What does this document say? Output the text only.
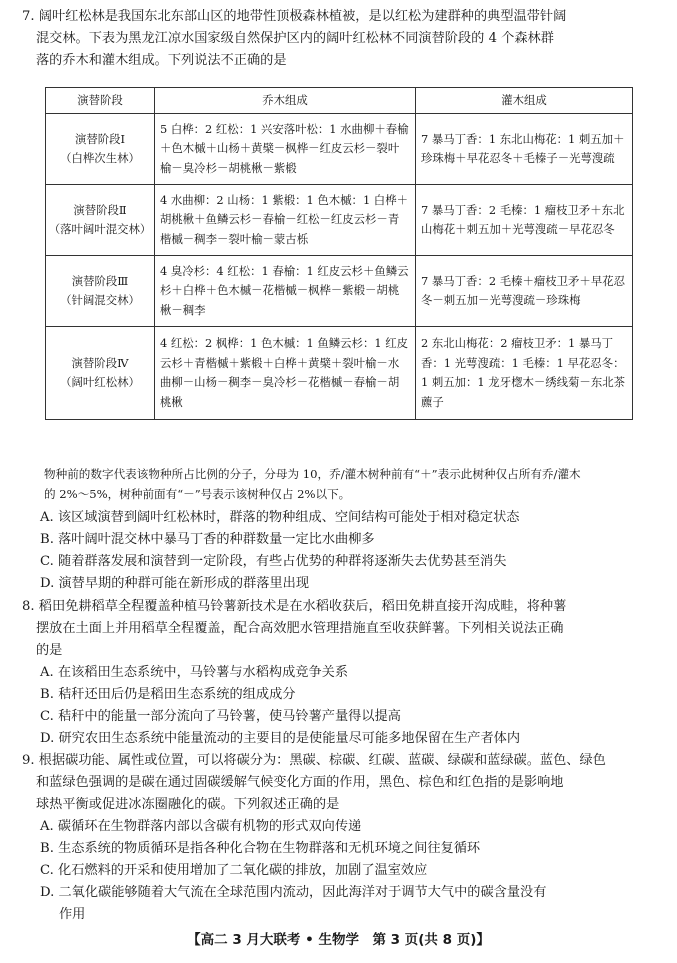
7. 阔叶红松林是我国东北东部山区的地带性顶极森林植被，是以红松为建群种的典型温带针阔
混交林。下表为黑龙江凉水国家级自然保护区内的阔叶红松林不同演替阶段的 4 个森林群
落的乔木和灌木组成。下列说法不正确的是

演替阶段	乔木组成	灌木组成

演替阶段Ⅰ
（白桦次生林）	5 白桦：2 红松：1 兴安落叶松：1 水曲柳＋春榆＋色木槭＋山杨＋黄檗－枫桦－红皮云杉－裂叶榆－臭冷杉－胡桃楸－紫椴	7 暴马丁香：1 东北山梅花：1 刺五加＋珍珠梅＋早花忍冬＋毛榛子－光萼溲疏

演替阶段Ⅱ
（落叶阔叶混交林）	4 水曲柳：2 山杨：1 紫椴：1 色木槭：1 白桦＋胡桃楸＋鱼鳞云杉－春榆－红松－红皮云杉－青楷槭－稠李－裂叶榆－蒙古栎	7 暴马丁香：2 毛榛：1 瘤枝卫矛＋东北山梅花＋刺五加＋光萼溲疏－早花忍冬

演替阶段Ⅲ
（针阔混交林）	4 臭冷杉：4 红松：1 春榆：1 红皮云杉＋鱼鳞云杉＋白桦＋色木槭－花楷槭－枫桦－紫椴－胡桃楸－稠李	7 暴马丁香：2 毛榛＋瘤枝卫矛＋早花忍冬－刺五加－光萼溲疏－珍珠梅

演替阶段Ⅳ
（阔叶红松林）	4 红松：2 枫桦：1 色木槭：1 鱼鳞云杉：1 红皮云杉＋青楷槭＋紫椴＋白桦＋黄檗＋裂叶榆－水曲柳－山杨－稠李－臭冷杉－花楷槭－春榆－胡桃楸	2 东北山梅花：2 瘤枝卫矛：1 暴马丁香：1 光萼溲疏：1 毛榛：1 早花忍冬：1 刺五加：1 龙牙楤木－绣线菊－东北茶藨子

物种前的数字代表该物种所占比例的分子，分母为 10，乔/灌木树种前有“＋”表示此树种仅占所有乔/灌木
的 2%～5%，树种前面有“－”号表示该树种仅占 2%以下。

A. 该区域演替到阔叶红松林时，群落的物种组成、空间结构可能处于相对稳定状态

B. 落叶阔叶混交林中暴马丁香的种群数量一定比水曲柳多

C. 随着群落发展和演替到一定阶段，有些占优势的种群将逐渐失去优势甚至消失

D. 演替早期的种群可能在新形成的群落里出现

8. 稻田免耕稻草全程覆盖种植马铃薯新技术是在水稻收获后，稻田免耕直接开沟成畦，将种薯
摆放在土面上并用稻草全程覆盖，配合高效肥水管理措施直至收获鲜薯。下列相关说法正确
的是

A. 在该稻田生态系统中，马铃薯与水稻构成竞争关系

B. 秸秆还田后仍是稻田生态系统的组成成分

C. 秸秆中的能量一部分流向了马铃薯，使马铃薯产量得以提高

D. 研究农田生态系统中能量流动的主要目的是使能量尽可能多地保留在生产者体内

9. 根据碳功能、属性或位置，可以将碳分为：黑碳、棕碳、红碳、蓝碳、绿碳和蓝绿碳。蓝色、绿色
和蓝绿色强调的是碳在通过固碳缓解气候变化方面的作用，黑色、棕色和红色指的是影响地
球热平衡或促进冰冻圈融化的碳。下列叙述正确的是

A. 碳循环在生物群落内部以含碳有机物的形式双向传递

B. 生态系统的物质循环是指各种化合物在生物群落和无机环境之间往复循环

C. 化石燃料的开采和使用增加了二氧化碳的排放，加剧了温室效应

D. 二氧化碳能够随着大气流在全球范围内流动，因此海洋对于调节大气中的碳含量没有
作用

【高二 3 月大联考 • 生物学　第 3 页(共 8 页)】
